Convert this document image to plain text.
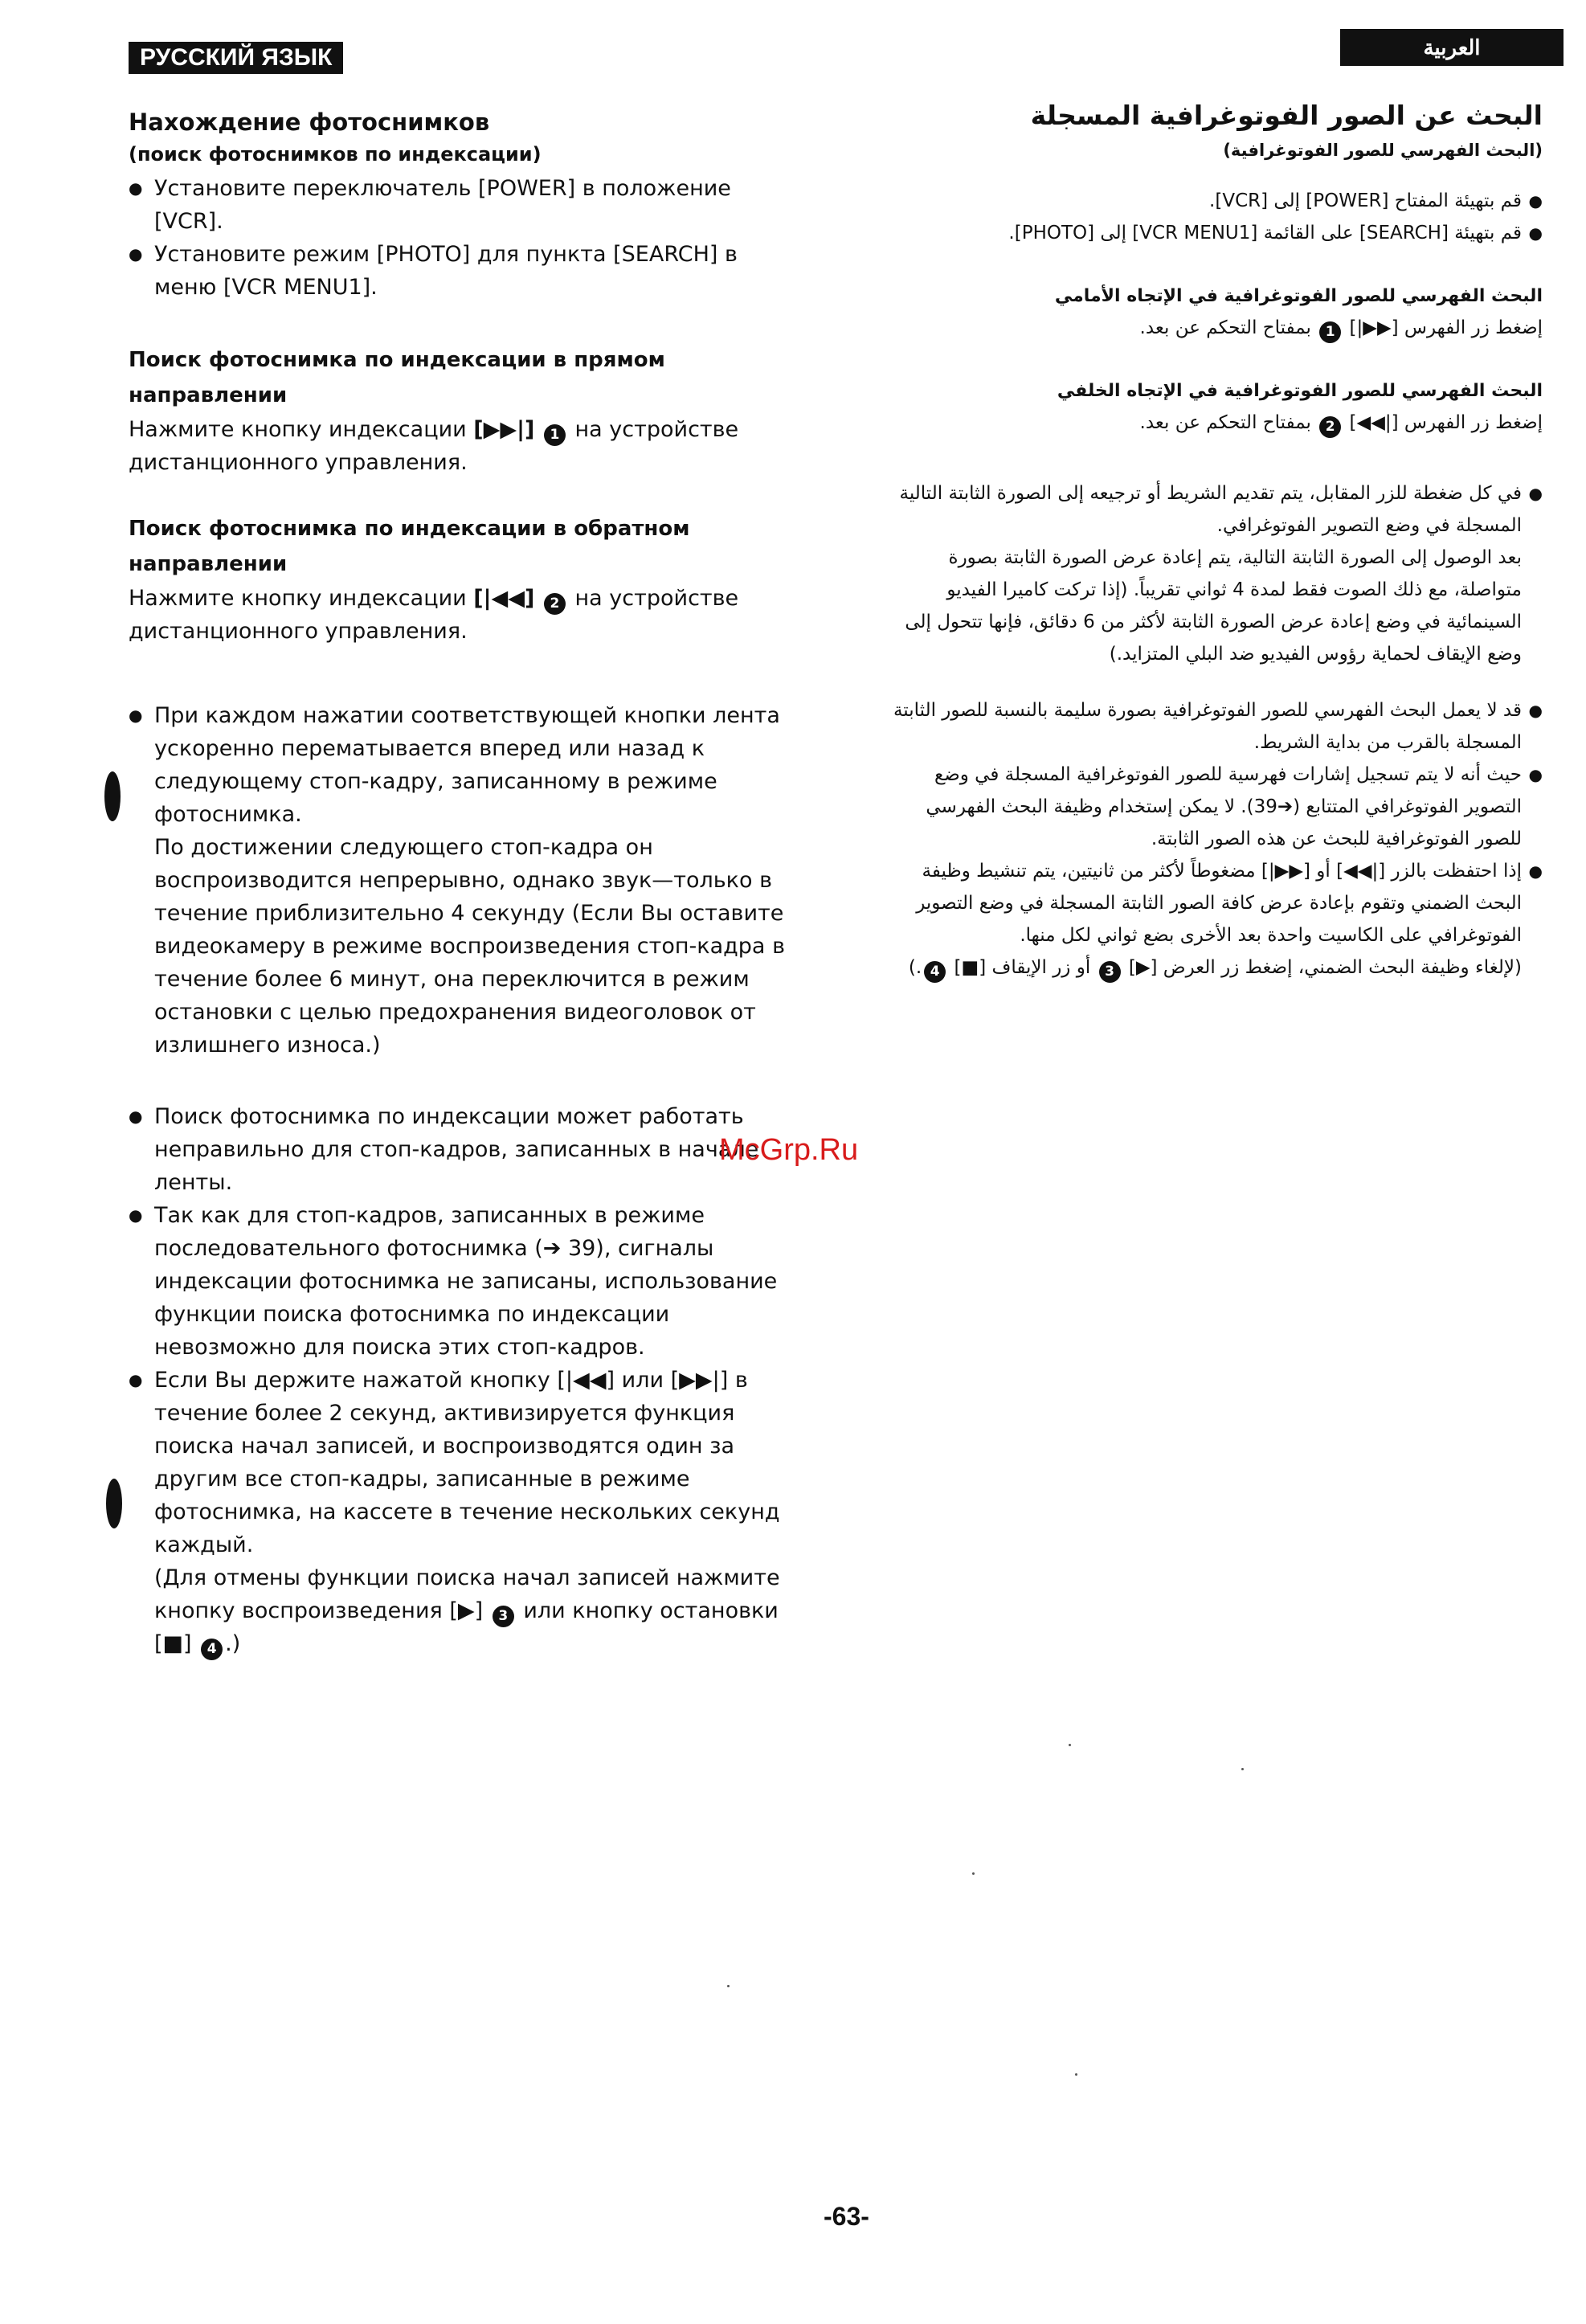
РУССКИЙ ЯЗЫК	العربية
Нахождение фотоснимков
(поиск фотоснимков по индексации)
● Установите переключатель [POWER] в положение [VCR].
● Установите режим [PHOTO] для пункта [SEARCH] в меню [VCR MENU1].
Поиск фотоснимка по индексации в прямом направлении

Нажмите кнопку индексации [▶▶|] 1 на устройстве дистанционного управления.

Поиск фотоснимка по индексации в обратном направлении

Нажмите кнопку индексации [|◀◀] 2 на устройстве дистанционного управления.

● При каждом нажатии соответствующей кнопки лента ускоренно перематывается вперед или назад к следующему стоп-кадру, записанному в режиме фотоснимка.

По достижении следующего стоп-кадра он воспроизводится непрерывно, однако звук—только в течение приблизительно 4 секунду (Если Вы оставите видеокамеру в режиме воспроизведения стоп-кадра в течение более 6 минут, она переключится в режим остановки с целью предохранения видеоголовок от излишнего износа.)

● Поиск фотоснимка по индексации может работать неправильно для стоп-кадров, записанных в начале ленты.
● Так как для стоп-кадров, записанных в режиме последовательного фотоснимка (➔ 39), сигналы индексации фотоснимка не записаны, использование функции поиска фотоснимка по индексации невозможно для поиска этих стоп-кадров.

● Если Вы держите нажатой кнопку [|◀◀] или [▶▶|] в течение более 2 секунд, активизируется функция поиска начал записей, и воспроизводятся один за другим все стоп-кадры, записанные в режиме фотоснимка, на кассете в течение нескольких секунд каждый.

(Для отмены функции поиска начал записей нажмите кнопку воспроизведения [▶] 3 или кнопку остановки [■] 4 .)

البحث عن الصور الفوتوغرافية المسجلة
(البحث الفهرسي للصور الفوتوغرافية)
● قم بتهيئة المفتاح [POWER] إلى [VCR].
● قم بتهيئة [SEARCH] على القائمة [VCR MENU1] إلى [PHOTO].
البحث الفهرسي للصور الفوتوغرافية في الإتجاه الأمامي

إضغط زر الفهرس [▶▶|] 1 بمفتاح التحكم عن بعد.

البحث الفهرسي للصور الفوتوغرافية في الإتجاه الخلفي

إضغط زر الفهرس [|◀◀] 2 بمفتاح التحكم عن بعد.

● في كل ضغطة للزر المقابل، يتم تقديم الشريط أو ترجيعه إلى الصورة الثابتة التالية المسجلة في وضع التصوير الفوتوغرافي.

بعد الوصول إلى الصورة الثابتة التالية، يتم إعادة عرض الصورة الثابتة بصورة متواصلة، مع ذلك الصوت فقط لمدة 4 ثواني تقريباً. (إذا تركت كاميرا الفيديو السينمائية في وضع إعادة عرض الصورة الثابتة لأكثر من 6 دقائق، فإنها تتحول إلى وضع الإيقاف لحماية رؤوس الفيديو ضد البلي المتزايد.)

● قد لا يعمل البحث الفهرسي للصور الفوتوغرافية بصورة سليمة بالنسبة للصور الثابتة المسجلة بالقرب من بداية الشريط.
● حيث أنه لا يتم تسجيل إشارات فهرسية للصور الفوتوغرافية المسجلة في وضع التصوير الفوتوغرافي المتتابع (➔39). لا يمكن إستخدام وظيفة البحث الفهرسي للصور الفوتوغرافية للبحث عن هذه الصور الثابتة.

● إذا احتفظت بالزر [|◀◀] أو [▶▶|] مضغوطاً لأكثر من ثانيتين، يتم تنشيط وظيفة البحث الضمني وتقوم بإعادة عرض كافة الصور الثابتة المسجلة في وضع التصوير الفوتوغرافي على الكاسيت واحدة بعد الأخرى بضع ثواني لكل منها.

(لإلغاء وظيفة البحث الضمني، إضغط زر العرض [▶] 3 أو زر الإيقاف [■] 4.)

McGrp.Ru
-63-
